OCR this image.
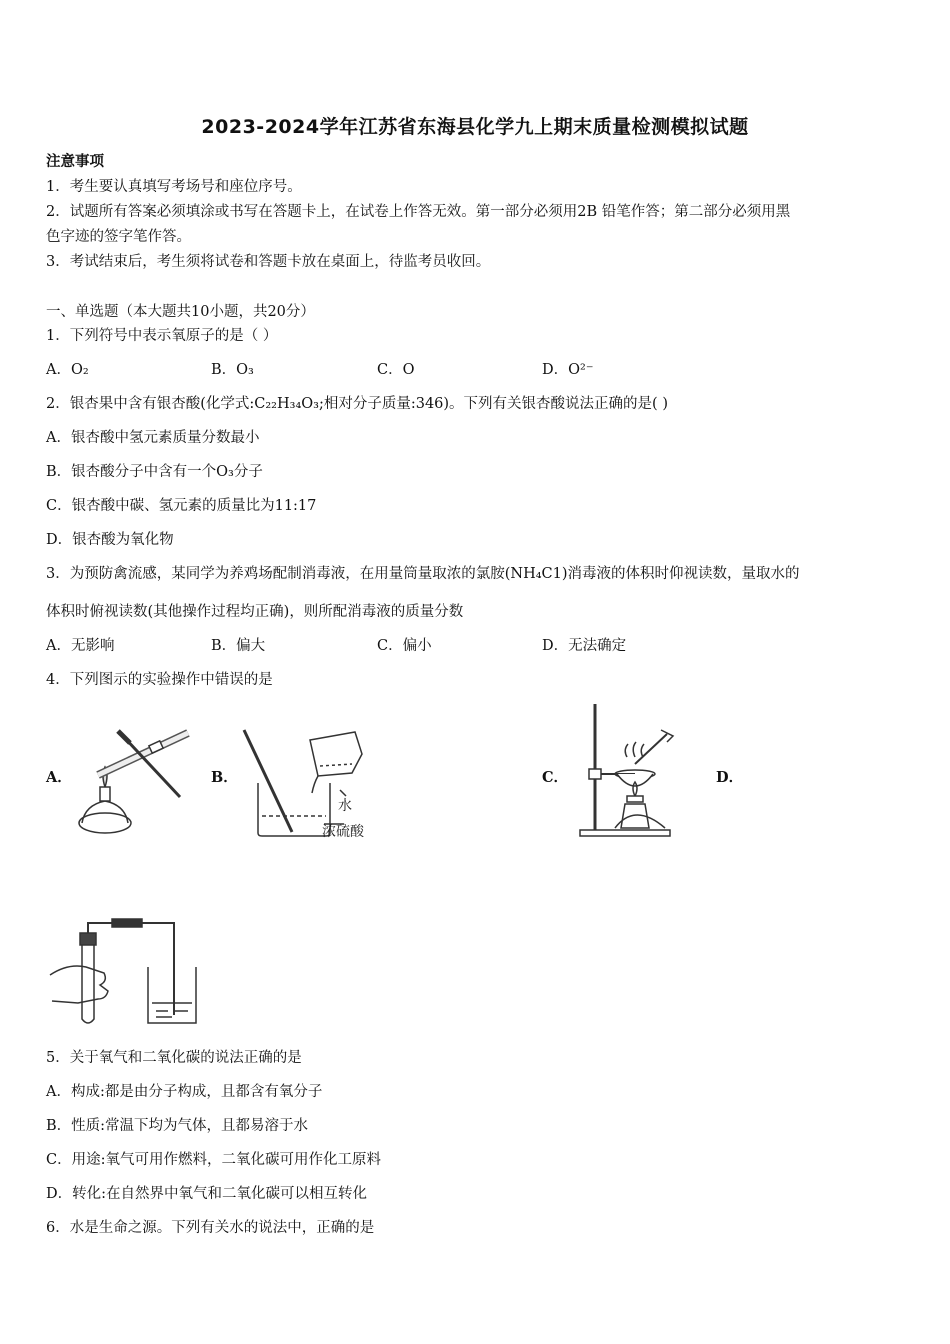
2023-2024学年江苏省东海县化学九上期末质量检测模拟试题
注意事项
1．考生要认真填写考场号和座位序号。
2．试题所有答案必须填涂或书写在答题卡上，在试卷上作答无效。第一部分必须用2B 铅笔作答；第二部分必须用黑
色字迹的签字笔作答。
3．考试结束后，考生须将试卷和答题卡放在桌面上，待监考员收回。
一、单选题（本大题共10小题，共20分）
1．下列符号中表示氧原子的是（ ）
A．O₂	B．O₃	C．O	D．O²⁻
2．银杏果中含有银杏酸(化学式:C₂₂H₃₄O₃;相对分子质量:346)。下列有关银杏酸说法正确的是( )
A．银杏酸中氢元素质量分数最小
B．银杏酸分子中含有一个O₃分子
C．银杏酸中碳、氢元素的质量比为11:17
D．银杏酸为氧化物
3．为预防禽流感，某同学为养鸡场配制消毒液，在用量筒量取浓的氯胺(NH₄C1)消毒液的体积时仰视读数，量取水的
体积时俯视读数(其他操作过程均正确)，则所配消毒液的质量分数
A．无影响	B．偏大	C．偏小	D．无法确定
4．下列图示的实验操作中错误的是
A．	B．	C．	D．
水
浓硫酸
5．关于氧气和二氧化碳的说法正确的是
A．构成:都是由分子构成，且都含有氧分子
B．性质:常温下均为气体，且都易溶于水
C．用途:氧气可用作燃料，二氧化碳可用作化工原料
D．转化:在自然界中氧气和二氧化碳可以相互转化
6．水是生命之源。下列有关水的说法中，正确的是
